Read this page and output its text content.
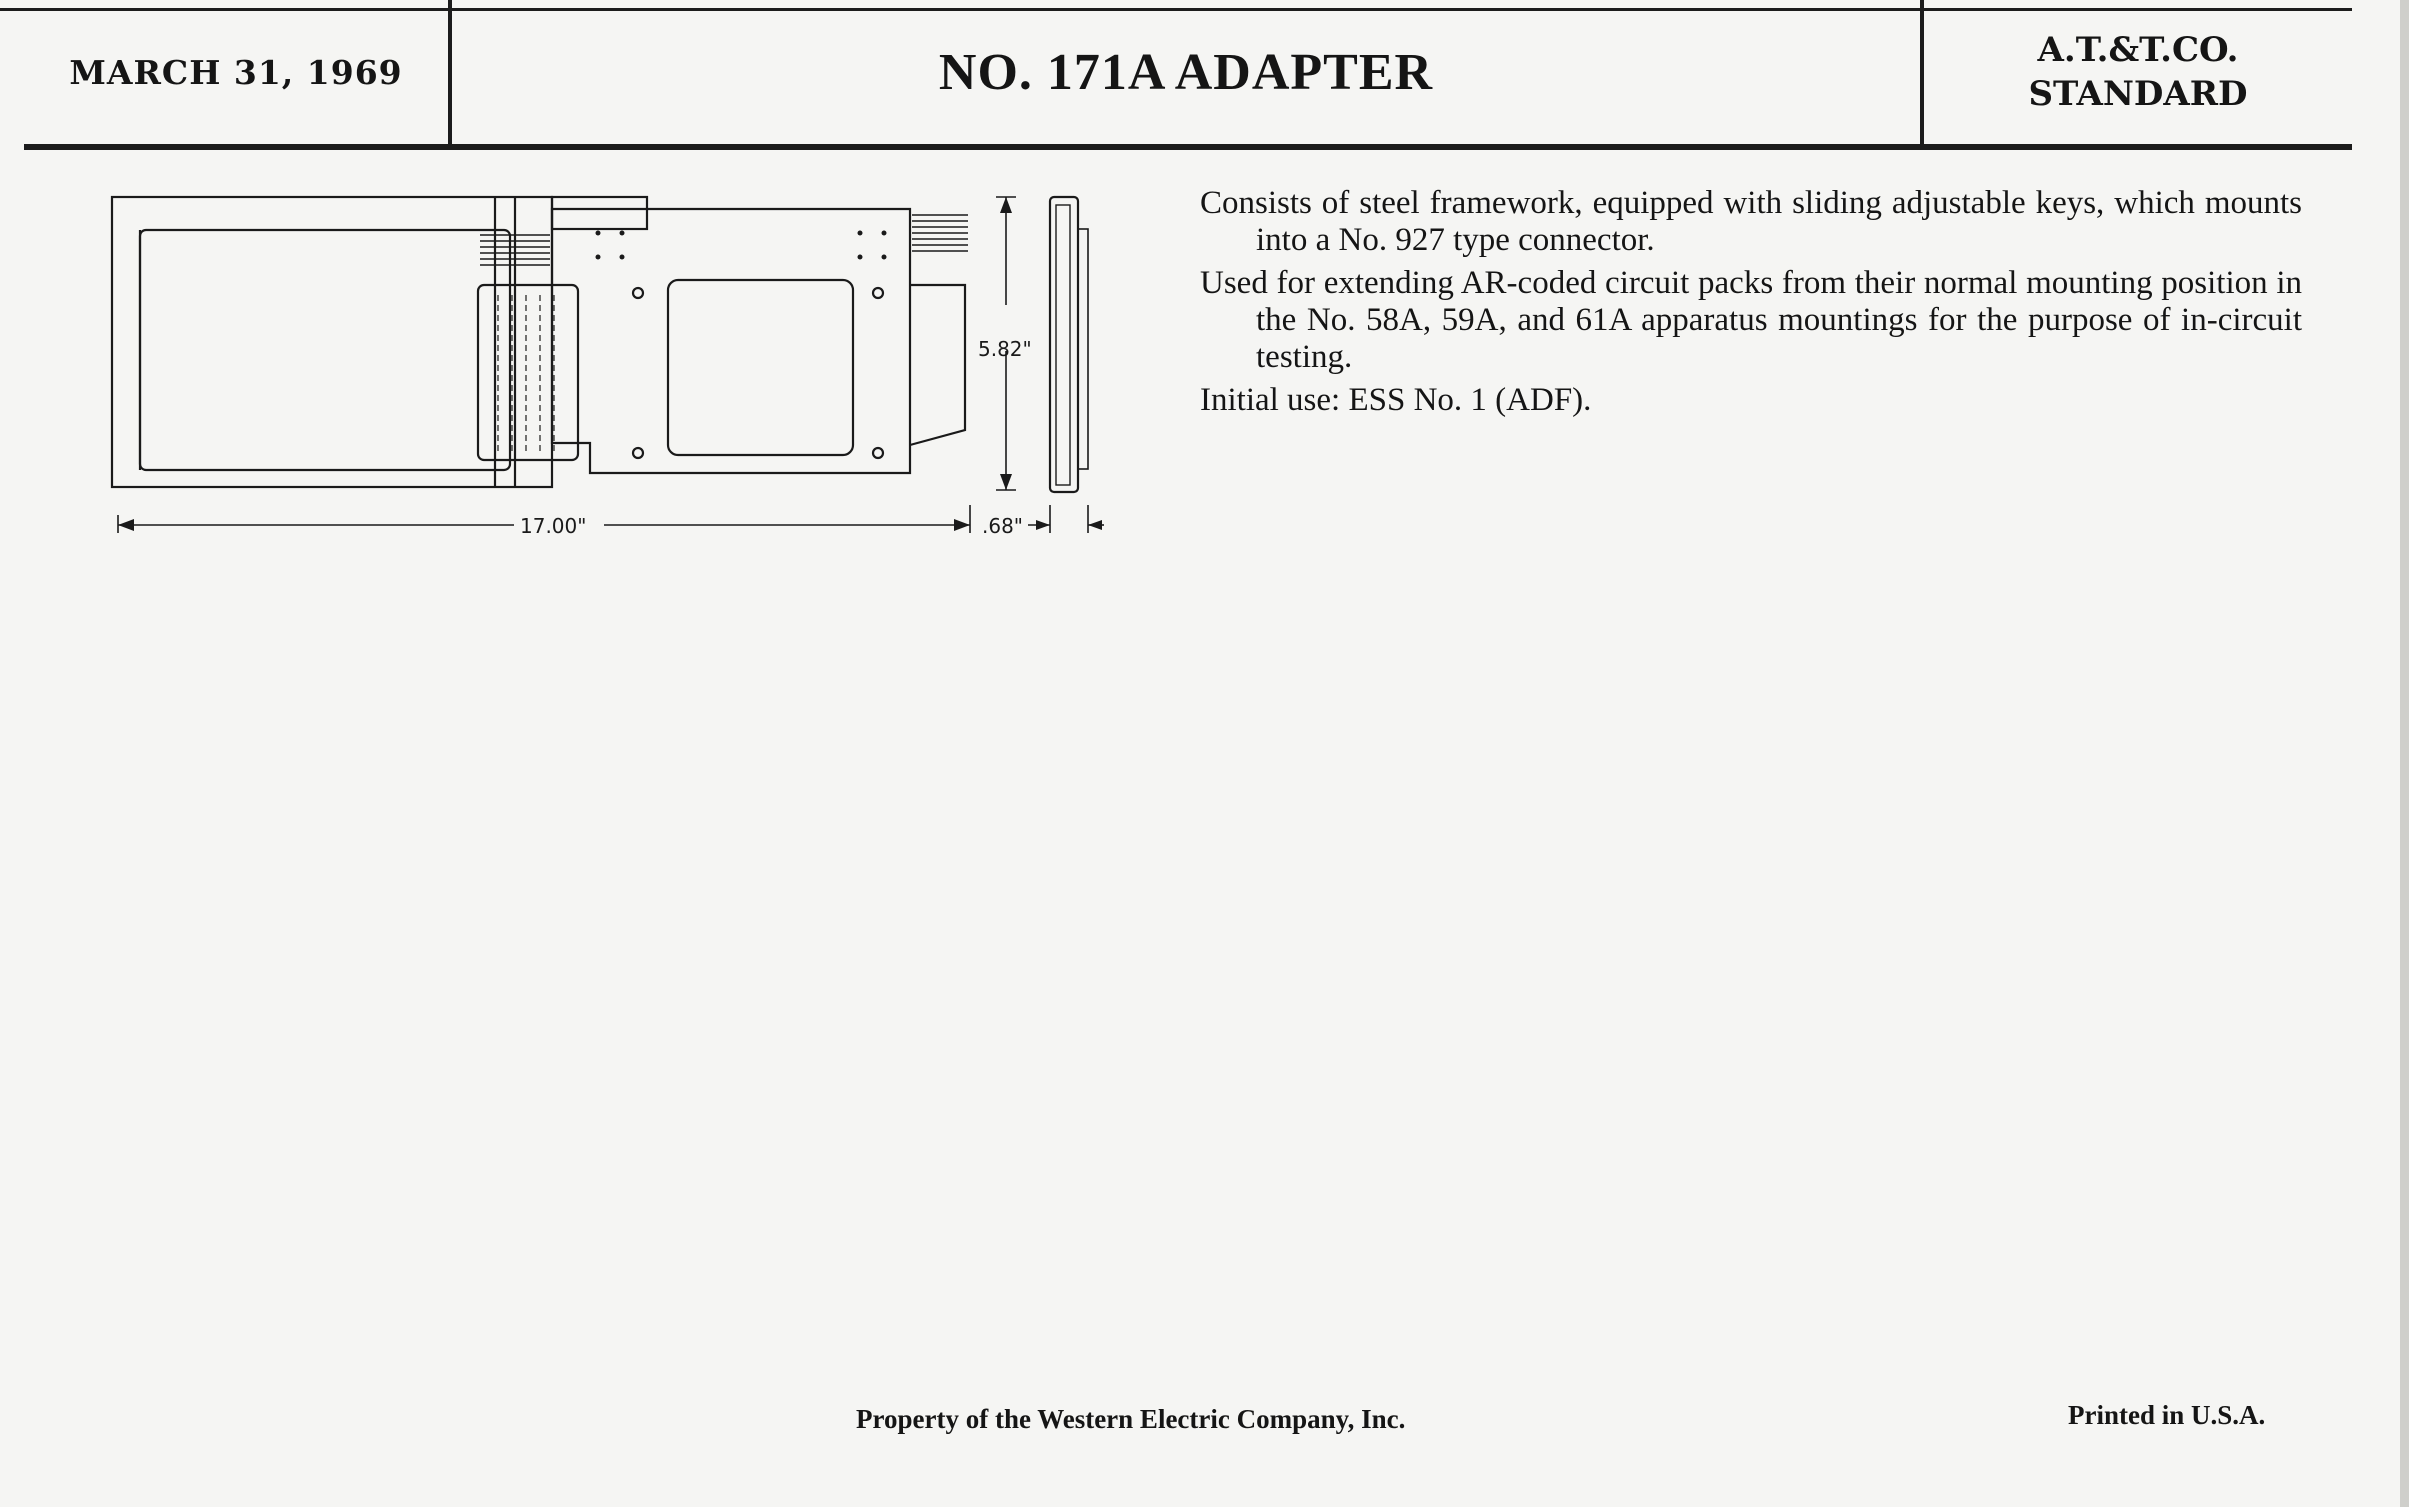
MARCH 31, 1969	NO. 171A ADAPTER	A.T.&T.CO.
STANDARD
17.00"
5.82"
.68"

Consists of steel framework, equipped with sliding adjustable keys, which mounts into a No. 927 type connector.

Used for extending AR-coded circuit packs from their normal mounting position in the No. 58A, 59A, and 61A apparatus mountings for the purpose of in-circuit testing.

Initial use: ESS No. 1 (ADF).

Property of the Western Electric Company, Inc.	Printed in U.S.A.
